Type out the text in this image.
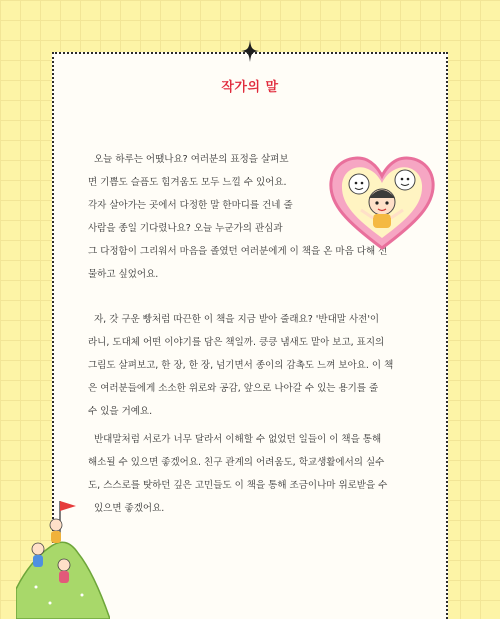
작가의 말
오늘 하루는 어땠나요? 여러분의 표정을 살펴보
면 기쁨도 슬픔도 힘겨움도 모두 느낄 수 있어요.
각자 살아가는 곳에서 다정한 말 한마디를 건네 줄
사람을 종일 기다렸나요? 오늘 누군가의 관심과
그 다정함이 그리워서 마음을 졸였던 여러분에게 이 책을 온 마음 다해 선
물하고 싶었어요.
자, 갓 구운 빵처럼 따끈한 이 책을 지금 받아 줄래요? '반대말 사전'이
라니, 도대체 어떤 이야기를 담은 책일까. 킁킁 냄새도 맡아 보고, 표지의
그림도 살펴보고, 한 장, 한 장, 넘기면서 종이의 감촉도 느껴 보아요. 이 책
은 여러분들에게 소소한 위로와 공감, 앞으로 나아갈 수 있는 용기를 줄
수 있을 거예요.
반대말처럼 서로가 너무 달라서 이해할 수 없었던 일들이 이 책을 통해
해소될 수 있으면 좋겠어요. 친구 관계의 어려움도, 학교생활에서의 실수
도, 스스로를 탓하던 깊은 고민들도 이 책을 통해 조금이나마 위로받을 수
있으면 좋겠어요.
